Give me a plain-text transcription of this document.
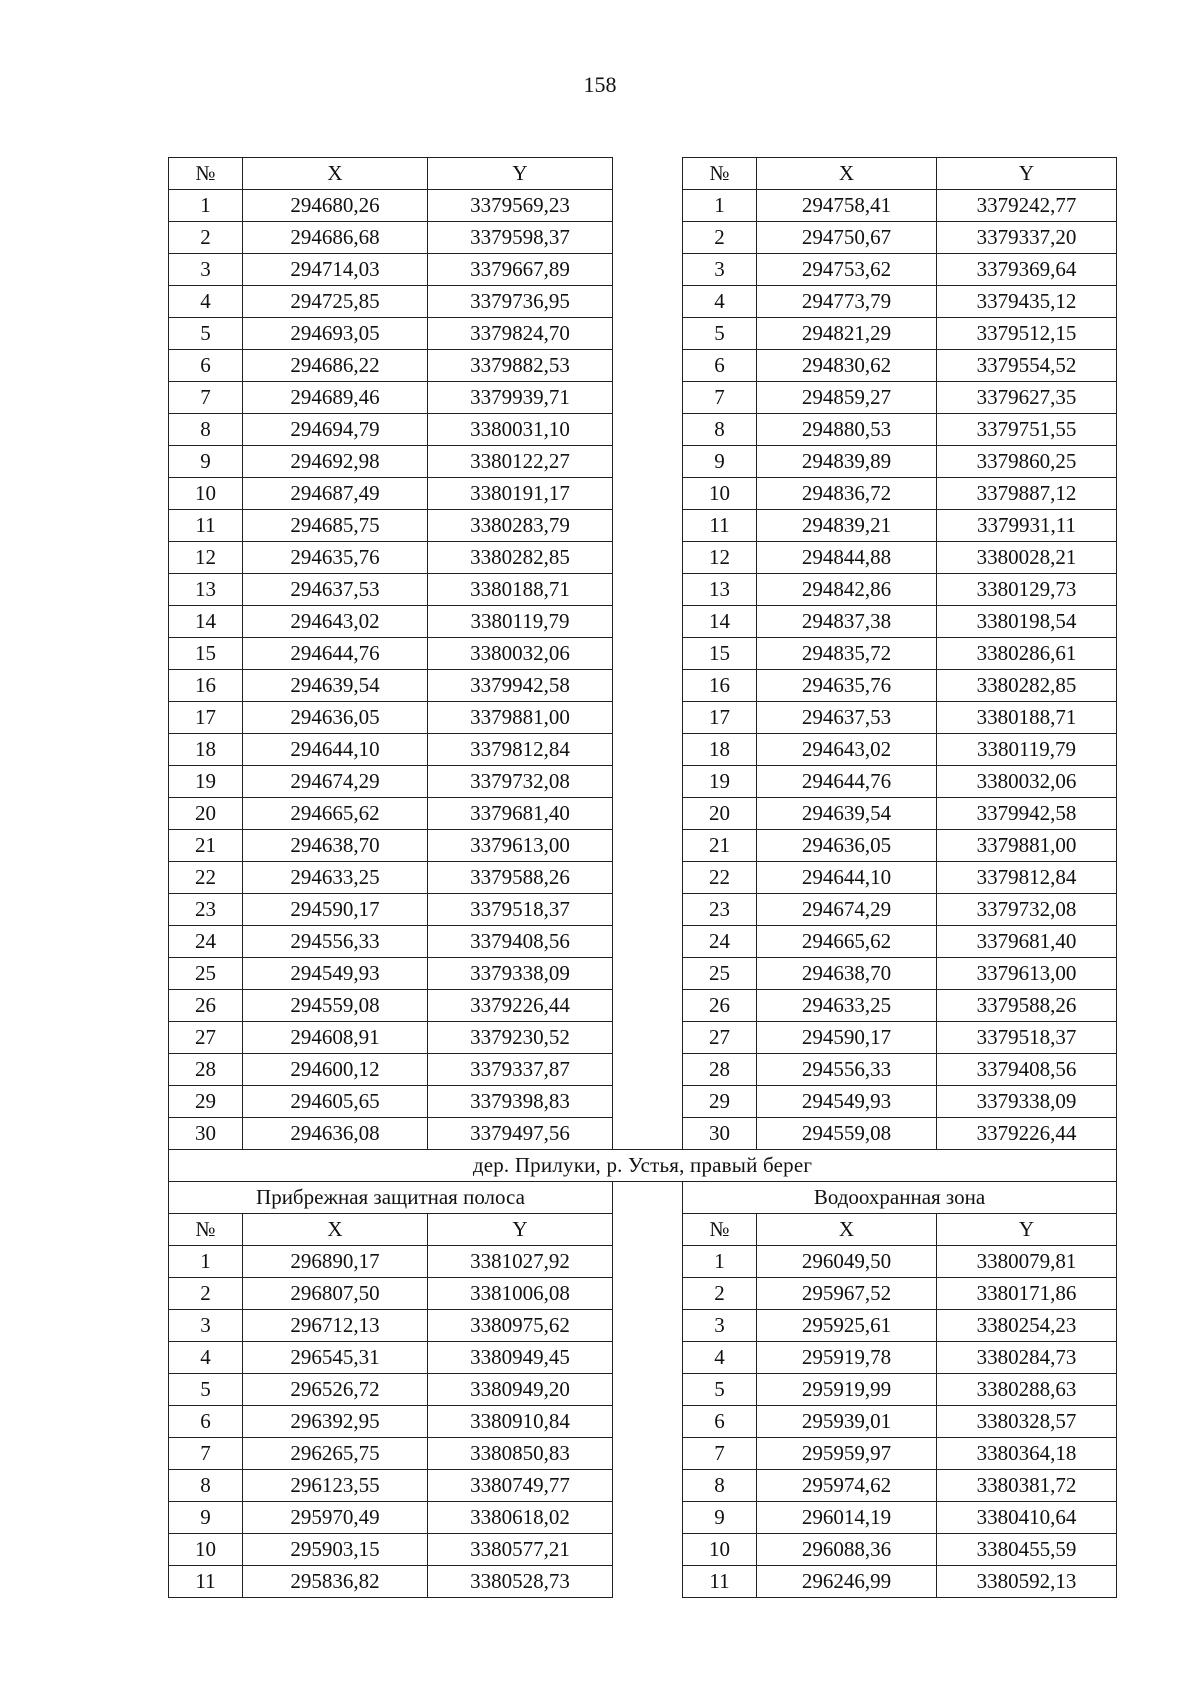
158
№	X	Y		№	X	Y
1	294680,26	3379569,23		1	294758,41	3379242,77
2	294686,68	3379598,37		2	294750,67	3379337,20
3	294714,03	3379667,89		3	294753,62	3379369,64
4	294725,85	3379736,95		4	294773,79	3379435,12
5	294693,05	3379824,70		5	294821,29	3379512,15
6	294686,22	3379882,53		6	294830,62	3379554,52
7	294689,46	3379939,71		7	294859,27	3379627,35
8	294694,79	3380031,10		8	294880,53	3379751,55
9	294692,98	3380122,27		9	294839,89	3379860,25
10	294687,49	3380191,17		10	294836,72	3379887,12
11	294685,75	3380283,79		11	294839,21	3379931,11
12	294635,76	3380282,85		12	294844,88	3380028,21
13	294637,53	3380188,71		13	294842,86	3380129,73
14	294643,02	3380119,79		14	294837,38	3380198,54
15	294644,76	3380032,06		15	294835,72	3380286,61
16	294639,54	3379942,58		16	294635,76	3380282,85
17	294636,05	3379881,00		17	294637,53	3380188,71
18	294644,10	3379812,84		18	294643,02	3380119,79
19	294674,29	3379732,08		19	294644,76	3380032,06
20	294665,62	3379681,40		20	294639,54	3379942,58
21	294638,70	3379613,00		21	294636,05	3379881,00
22	294633,25	3379588,26		22	294644,10	3379812,84
23	294590,17	3379518,37		23	294674,29	3379732,08
24	294556,33	3379408,56		24	294665,62	3379681,40
25	294549,93	3379338,09		25	294638,70	3379613,00
26	294559,08	3379226,44		26	294633,25	3379588,26
27	294608,91	3379230,52		27	294590,17	3379518,37
28	294600,12	3379337,87		28	294556,33	3379408,56
29	294605,65	3379398,83		29	294549,93	3379338,09
30	294636,08	3379497,56		30	294559,08	3379226,44
дер. Прилуки, р. Устья, правый берег						
Прибрежная защитная полоса				Водоохранная зона		
№	X	Y		№	X	Y
1	296890,17	3381027,92		1	296049,50	3380079,81
2	296807,50	3381006,08		2	295967,52	3380171,86
3	296712,13	3380975,62		3	295925,61	3380254,23
4	296545,31	3380949,45		4	295919,78	3380284,73
5	296526,72	3380949,20		5	295919,99	3380288,63
6	296392,95	3380910,84		6	295939,01	3380328,57
7	296265,75	3380850,83		7	295959,97	3380364,18
8	296123,55	3380749,77		8	295974,62	3380381,72
9	295970,49	3380618,02		9	296014,19	3380410,64
10	295903,15	3380577,21		10	296088,36	3380455,59
11	295836,82	3380528,73		11	296246,99	3380592,13
